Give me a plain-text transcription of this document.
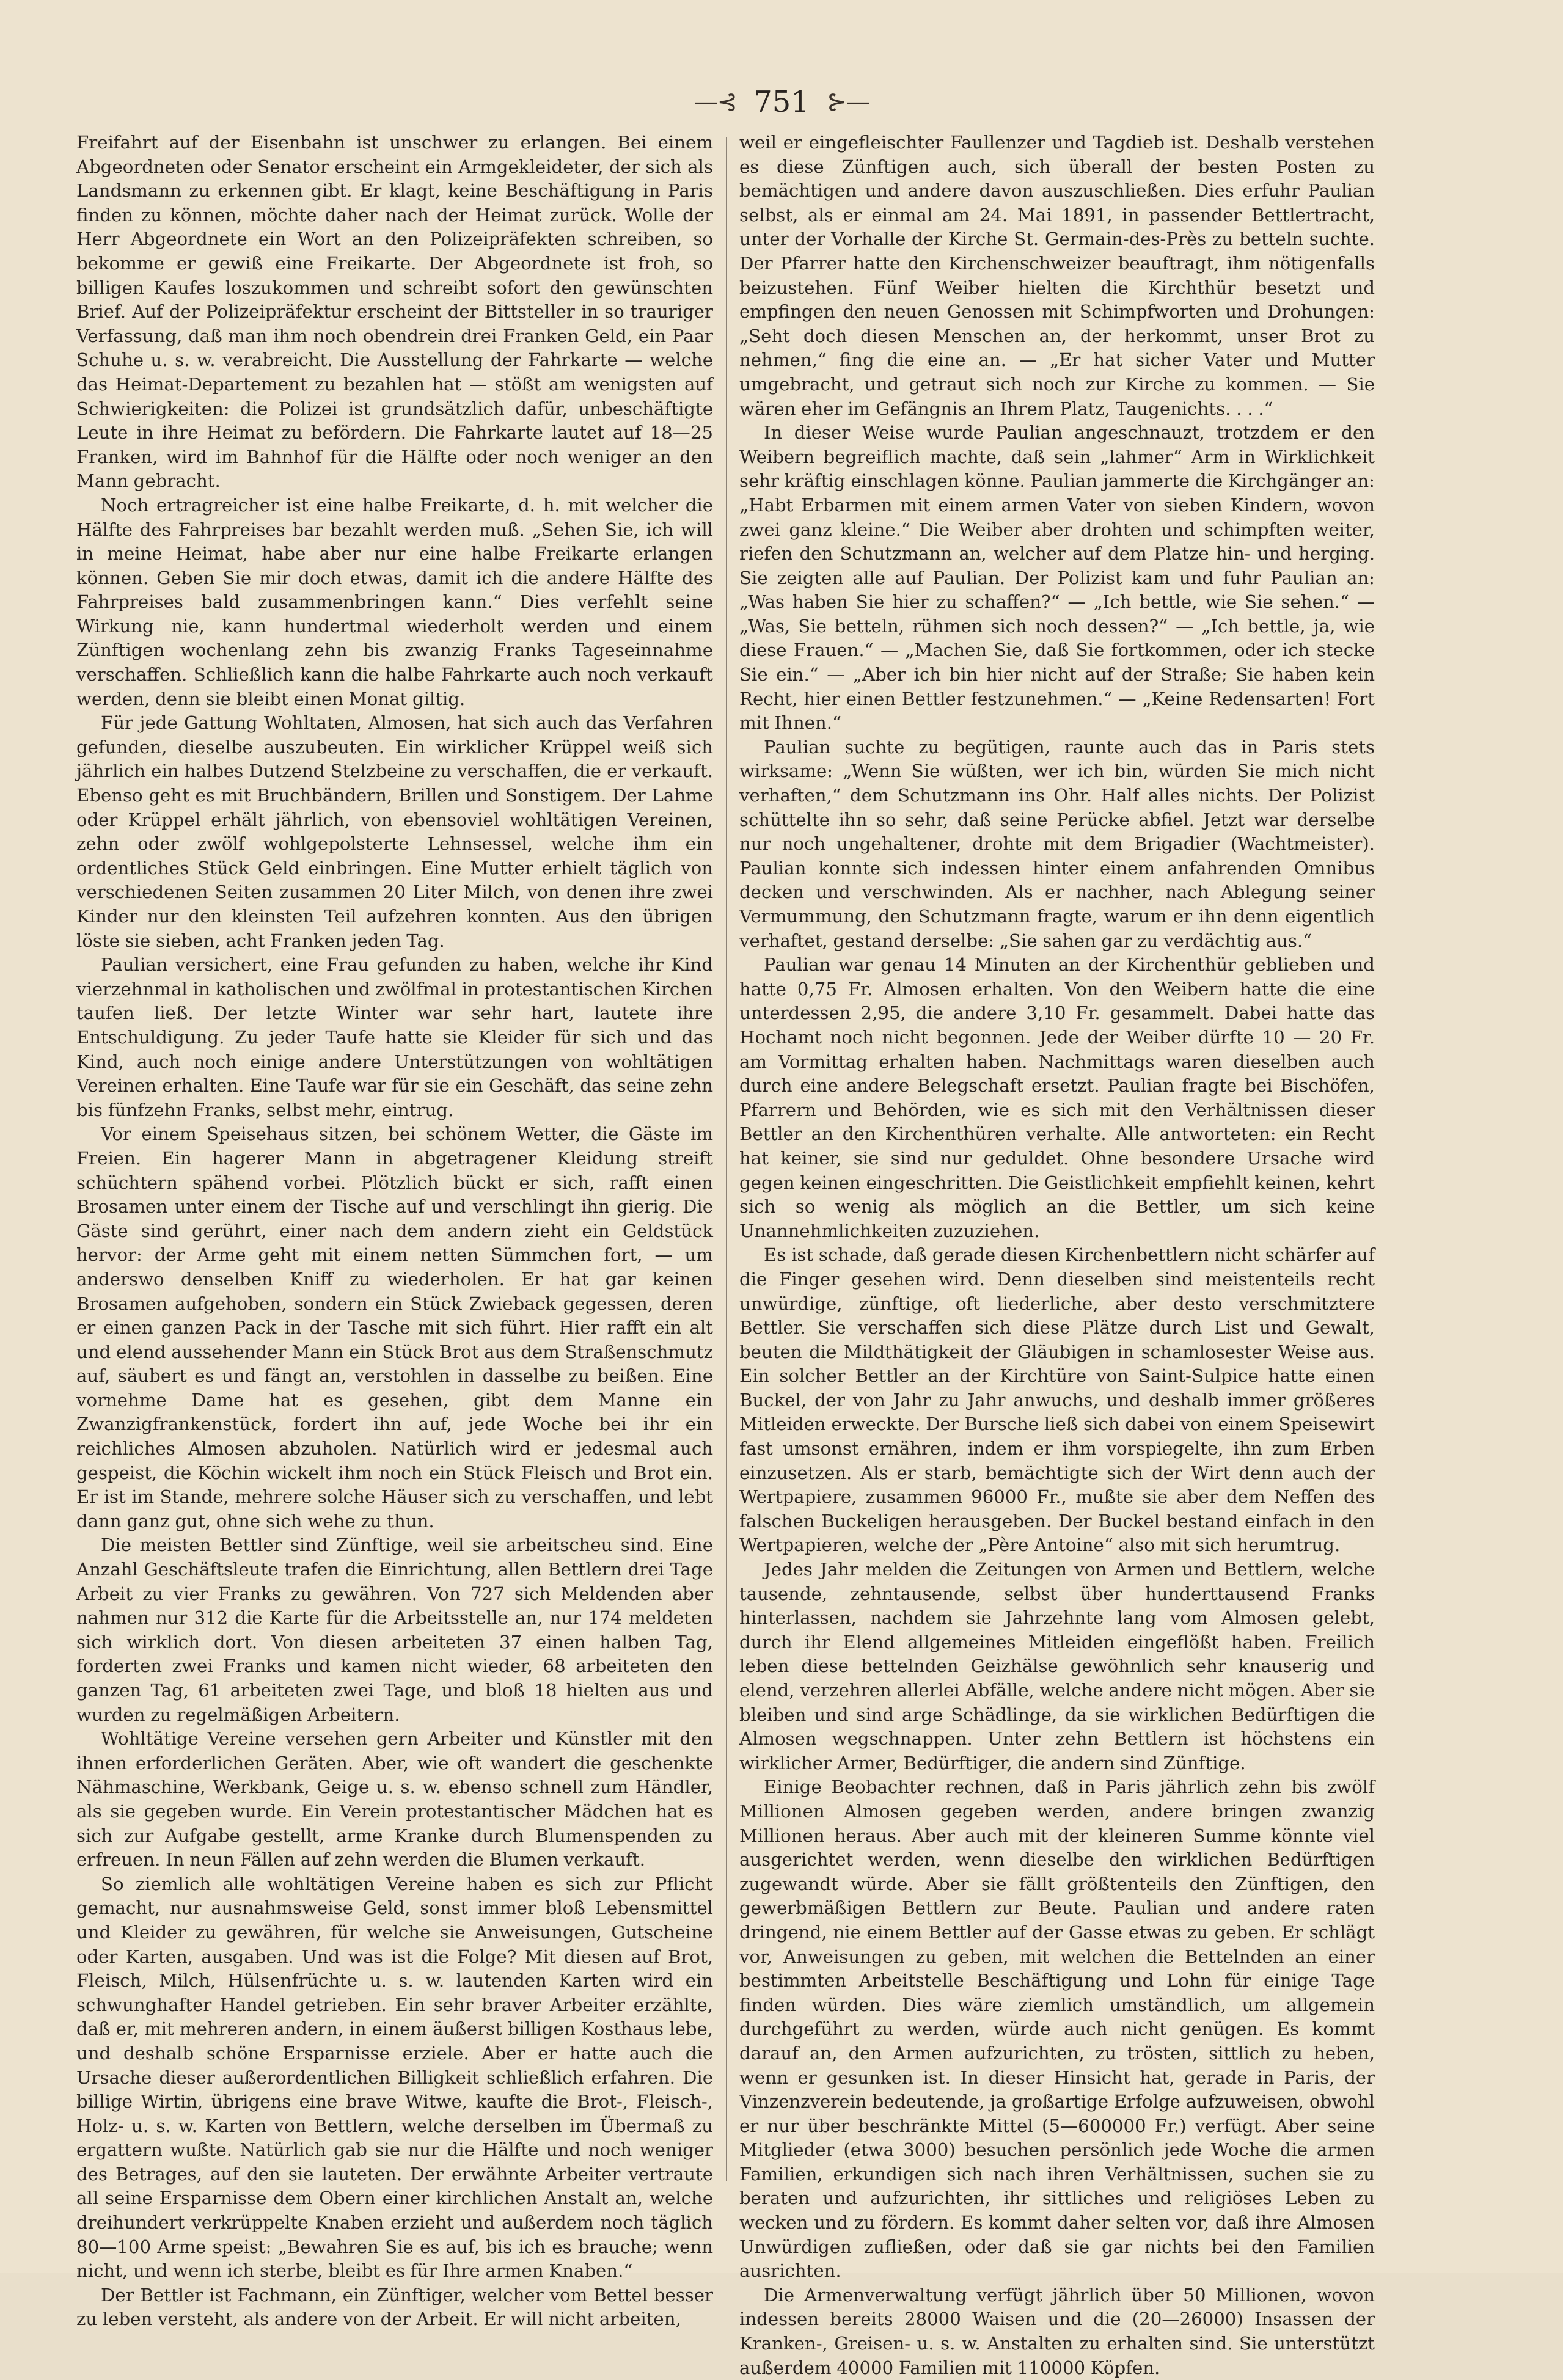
—⊰ 751 ⊱—

Freifahrt auf der Eisenbahn ist unschwer zu erlangen. Bei einem Abgeordneten oder Senator erscheint ein Armgekleideter, der sich als Landsmann zu erkennen gibt. Er klagt, keine Beschäftigung in Paris finden zu können, möchte daher nach der Heimat zurück. Wolle der Herr Abgeordnete ein Wort an den Polizeipräfekten schreiben, so bekomme er gewiß eine Freikarte. Der Abgeordnete ist froh, so billigen Kaufes loszukommen und schreibt sofort den gewünschten Brief. Auf der Polizeipräfektur erscheint der Bittsteller in so trauriger Verfassung, daß man ihm noch obendrein drei Franken Geld, ein Paar Schuhe u. s. w. verabreicht. Die Ausstellung der Fahrkarte — welche das Heimat-Departement zu bezahlen hat — stößt am wenigsten auf Schwierigkeiten: die Polizei ist grundsätzlich dafür, unbeschäftigte Leute in ihre Heimat zu befördern. Die Fahrkarte lautet auf 18—25 Franken, wird im Bahnhof für die Hälfte oder noch weniger an den Mann gebracht.

Noch ertragreicher ist eine halbe Freikarte, d. h. mit welcher die Hälfte des Fahrpreises bar bezahlt werden muß. „Sehen Sie, ich will in meine Heimat, habe aber nur eine halbe Freikarte erlangen können. Geben Sie mir doch etwas, damit ich die andere Hälfte des Fahrpreises bald zusammenbringen kann.“ Dies verfehlt seine Wirkung nie, kann hundertmal wiederholt werden und einem Zünftigen wochenlang zehn bis zwanzig Franks Tageseinnahme verschaffen. Schließlich kann die halbe Fahrkarte auch noch verkauft werden, denn sie bleibt einen Monat giltig.

Für jede Gattung Wohltaten, Almosen, hat sich auch das Verfahren gefunden, dieselbe auszubeuten. Ein wirklicher Krüppel weiß sich jährlich ein halbes Dutzend Stelzbeine zu verschaffen, die er verkauft. Ebenso geht es mit Bruchbändern, Brillen und Sonstigem. Der Lahme oder Krüppel erhält jährlich, von ebensoviel wohltätigen Vereinen, zehn oder zwölf wohlgepolsterte Lehnsessel, welche ihm ein ordentliches Stück Geld einbringen. Eine Mutter erhielt täglich von verschiedenen Seiten zusammen 20 Liter Milch, von denen ihre zwei Kinder nur den kleinsten Teil aufzehren konnten. Aus den übrigen löste sie sieben, acht Franken jeden Tag.

Paulian versichert, eine Frau gefunden zu haben, welche ihr Kind vierzehnmal in katholischen und zwölfmal in protestantischen Kirchen taufen ließ. Der letzte Winter war sehr hart, lautete ihre Entschuldigung. Zu jeder Taufe hatte sie Kleider für sich und das Kind, auch noch einige andere Unterstützungen von wohltätigen Vereinen erhalten. Eine Taufe war für sie ein Geschäft, das seine zehn bis fünfzehn Franks, selbst mehr, eintrug.

Vor einem Speisehaus sitzen, bei schönem Wetter, die Gäste im Freien. Ein hagerer Mann in abgetragener Kleidung streift schüchtern spähend vorbei. Plötzlich bückt er sich, rafft einen Brosamen unter einem der Tische auf und verschlingt ihn gierig. Die Gäste sind gerührt, einer nach dem andern zieht ein Geldstück hervor: der Arme geht mit einem netten Sümmchen fort, — um anderswo denselben Kniff zu wiederholen. Er hat gar keinen Brosamen aufgehoben, sondern ein Stück Zwieback gegessen, deren er einen ganzen Pack in der Tasche mit sich führt. Hier rafft ein alt und elend aussehender Mann ein Stück Brot aus dem Straßenschmutz auf, säubert es und fängt an, verstohlen in dasselbe zu beißen. Eine vornehme Dame hat es gesehen, gibt dem Manne ein Zwanzigfrankenstück, fordert ihn auf, jede Woche bei ihr ein reichliches Almosen abzuholen. Natürlich wird er jedesmal auch gespeist, die Köchin wickelt ihm noch ein Stück Fleisch und Brot ein. Er ist im Stande, mehrere solche Häuser sich zu verschaffen, und lebt dann ganz gut, ohne sich wehe zu thun.

Die meisten Bettler sind Zünftige, weil sie arbeitscheu sind. Eine Anzahl Geschäftsleute trafen die Einrichtung, allen Bettlern drei Tage Arbeit zu vier Franks zu gewähren. Von 727 sich Meldenden aber nahmen nur 312 die Karte für die Arbeitsstelle an, nur 174 meldeten sich wirklich dort. Von diesen arbeiteten 37 einen halben Tag, forderten zwei Franks und kamen nicht wieder, 68 arbeiteten den ganzen Tag, 61 arbeiteten zwei Tage, und bloß 18 hielten aus und wurden zu regelmäßigen Arbeitern.

Wohltätige Vereine versehen gern Arbeiter und Künstler mit den ihnen erforderlichen Geräten. Aber, wie oft wandert die geschenkte Nähmaschine, Werkbank, Geige u. s. w. ebenso schnell zum Händler, als sie gegeben wurde. Ein Verein protestantischer Mädchen hat es sich zur Aufgabe gestellt, arme Kranke durch Blumenspenden zu erfreuen. In neun Fällen auf zehn werden die Blumen verkauft.

So ziemlich alle wohltätigen Vereine haben es sich zur Pflicht gemacht, nur ausnahmsweise Geld, sonst immer bloß Lebensmittel und Kleider zu gewähren, für welche sie Anweisungen, Gutscheine oder Karten, ausgaben. Und was ist die Folge? Mit diesen auf Brot, Fleisch, Milch, Hülsenfrüchte u. s. w. lautenden Karten wird ein schwunghafter Handel getrieben. Ein sehr braver Arbeiter erzählte, daß er, mit mehreren andern, in einem äußerst billigen Kosthaus lebe, und deshalb schöne Ersparnisse erziele. Aber er hatte auch die Ursache dieser außerordentlichen Billigkeit schließlich erfahren. Die billige Wirtin, übrigens eine brave Witwe, kaufte die Brot-, Fleisch-, Holz- u. s. w. Karten von Bettlern, welche derselben im Übermaß zu ergattern wußte. Natürlich gab sie nur die Hälfte und noch weniger des Betrages, auf den sie lauteten. Der erwähnte Arbeiter vertraute all seine Ersparnisse dem Obern einer kirchlichen Anstalt an, welche dreihundert verkrüppelte Knaben erzieht und außerdem noch täglich 80—100 Arme speist: „Bewahren Sie es auf, bis ich es brauche; wenn nicht, und wenn ich sterbe, bleibt es für Ihre armen Knaben.“

Der Bettler ist Fachmann, ein Zünftiger, welcher vom Bettel besser zu leben versteht, als andere von der Arbeit. Er will nicht arbeiten,

weil er eingefleischter Faullenzer und Tagdieb ist. Deshalb verstehen es diese Zünftigen auch, sich überall der besten Posten zu bemächtigen und andere davon auszuschließen. Dies erfuhr Paulian selbst, als er einmal am 24. Mai 1891, in passender Bettlertracht, unter der Vorhalle der Kirche St. Germain-des-Près zu betteln suchte. Der Pfarrer hatte den Kirchenschweizer beauftragt, ihm nötigenfalls beizustehen. Fünf Weiber hielten die Kirchthür besetzt und empfingen den neuen Genossen mit Schimpfworten und Drohungen: „Seht doch diesen Menschen an, der herkommt, unser Brot zu nehmen,“ fing die eine an. — „Er hat sicher Vater und Mutter umgebracht, und getraut sich noch zur Kirche zu kommen. — Sie wären eher im Gefängnis an Ihrem Platz, Taugenichts. . . .“

In dieser Weise wurde Paulian angeschnauzt, trotzdem er den Weibern begreiflich machte, daß sein „lahmer“ Arm in Wirklichkeit sehr kräftig einschlagen könne. Paulian jammerte die Kirchgänger an: „Habt Erbarmen mit einem armen Vater von sieben Kindern, wovon zwei ganz kleine.“ Die Weiber aber drohten und schimpften weiter, riefen den Schutzmann an, welcher auf dem Platze hin- und herging. Sie zeigten alle auf Paulian. Der Polizist kam und fuhr Paulian an: „Was haben Sie hier zu schaffen?“ — „Ich bettle, wie Sie sehen.“ — „Was, Sie betteln, rühmen sich noch dessen?“ — „Ich bettle, ja, wie diese Frauen.“ — „Machen Sie, daß Sie fortkommen, oder ich stecke Sie ein.“ — „Aber ich bin hier nicht auf der Straße; Sie haben kein Recht, hier einen Bettler festzunehmen.“ — „Keine Redensarten! Fort mit Ihnen.“

Paulian suchte zu begütigen, raunte auch das in Paris stets wirksame: „Wenn Sie wüßten, wer ich bin, würden Sie mich nicht verhaften,“ dem Schutzmann ins Ohr. Half alles nichts. Der Polizist schüttelte ihn so sehr, daß seine Perücke abfiel. Jetzt war derselbe nur noch ungehaltener, drohte mit dem Brigadier (Wachtmeister). Paulian konnte sich indessen hinter einem anfahrenden Omnibus decken und verschwinden. Als er nachher, nach Ablegung seiner Vermummung, den Schutzmann fragte, warum er ihn denn eigentlich verhaftet, gestand derselbe: „Sie sahen gar zu verdächtig aus.“

Paulian war genau 14 Minuten an der Kirchenthür geblieben und hatte 0,75 Fr. Almosen erhalten. Von den Weibern hatte die eine unterdessen 2,95, die andere 3,10 Fr. gesammelt. Dabei hatte das Hochamt noch nicht begonnen. Jede der Weiber dürfte 10 — 20 Fr. am Vormittag erhalten haben. Nachmittags waren dieselben auch durch eine andere Belegschaft ersetzt. Paulian fragte bei Bischöfen, Pfarrern und Behörden, wie es sich mit den Verhältnissen dieser Bettler an den Kirchenthüren verhalte. Alle antworteten: ein Recht hat keiner, sie sind nur geduldet. Ohne besondere Ursache wird gegen keinen eingeschritten. Die Geistlichkeit empfiehlt keinen, kehrt sich so wenig als möglich an die Bettler, um sich keine Unannehmlichkeiten zuzuziehen.

Es ist schade, daß gerade diesen Kirchenbettlern nicht schärfer auf die Finger gesehen wird. Denn dieselben sind meistenteils recht unwürdige, zünftige, oft liederliche, aber desto verschmitztere Bettler. Sie verschaffen sich diese Plätze durch List und Gewalt, beuten die Mildthätigkeit der Gläubigen in schamlosester Weise aus. Ein solcher Bettler an der Kirchtüre von Saint-Sulpice hatte einen Buckel, der von Jahr zu Jahr anwuchs, und deshalb immer größeres Mitleiden erweckte. Der Bursche ließ sich dabei von einem Speisewirt fast umsonst ernähren, indem er ihm vorspiegelte, ihn zum Erben einzusetzen. Als er starb, bemächtigte sich der Wirt denn auch der Wertpapiere, zusammen 96000 Fr., mußte sie aber dem Neffen des falschen Buckeligen herausgeben. Der Buckel bestand einfach in den Wertpapieren, welche der „Père Antoine“ also mit sich herumtrug.

Jedes Jahr melden die Zeitungen von Armen und Bettlern, welche tausende, zehntausende, selbst über hunderttausend Franks hinterlassen, nachdem sie Jahrzehnte lang vom Almosen gelebt, durch ihr Elend allgemeines Mitleiden eingeflößt haben. Freilich leben diese bettelnden Geizhälse gewöhnlich sehr knauserig und elend, verzehren allerlei Abfälle, welche andere nicht mögen. Aber sie bleiben und sind arge Schädlinge, da sie wirklichen Bedürftigen die Almosen wegschnappen. Unter zehn Bettlern ist höchstens ein wirklicher Armer, Bedürftiger, die andern sind Zünftige.

Einige Beobachter rechnen, daß in Paris jährlich zehn bis zwölf Millionen Almosen gegeben werden, andere bringen zwanzig Millionen heraus. Aber auch mit der kleineren Summe könnte viel ausgerichtet werden, wenn dieselbe den wirklichen Bedürftigen zugewandt würde. Aber sie fällt größtenteils den Zünftigen, den gewerbmäßigen Bettlern zur Beute. Paulian und andere raten dringend, nie einem Bettler auf der Gasse etwas zu geben. Er schlägt vor, Anweisungen zu geben, mit welchen die Bettelnden an einer bestimmten Arbeitstelle Beschäftigung und Lohn für einige Tage finden würden. Dies wäre ziemlich umständlich, um allgemein durchgeführt zu werden, würde auch nicht genügen. Es kommt darauf an, den Armen aufzurichten, zu trösten, sittlich zu heben, wenn er gesunken ist. In dieser Hinsicht hat, gerade in Paris, der Vinzenzverein bedeutende, ja großartige Erfolge aufzuweisen, obwohl er nur über beschränkte Mittel (5—600000 Fr.) verfügt. Aber seine Mitglieder (etwa 3000) besuchen persönlich jede Woche die armen Familien, erkundigen sich nach ihren Verhältnissen, suchen sie zu beraten und aufzurichten, ihr sittliches und religiöses Leben zu wecken und zu fördern. Es kommt daher selten vor, daß ihre Almosen Unwürdigen zufließen, oder daß sie gar nichts bei den Familien ausrichten.

Die Armenverwaltung verfügt jährlich über 50 Millionen, wovon indessen bereits 28000 Waisen und die (20—26000) Insassen der Kranken-, Greisen- u. s. w. Anstalten zu erhalten sind. Sie unterstützt außerdem 40000 Familien mit 110000 Köpfen.
